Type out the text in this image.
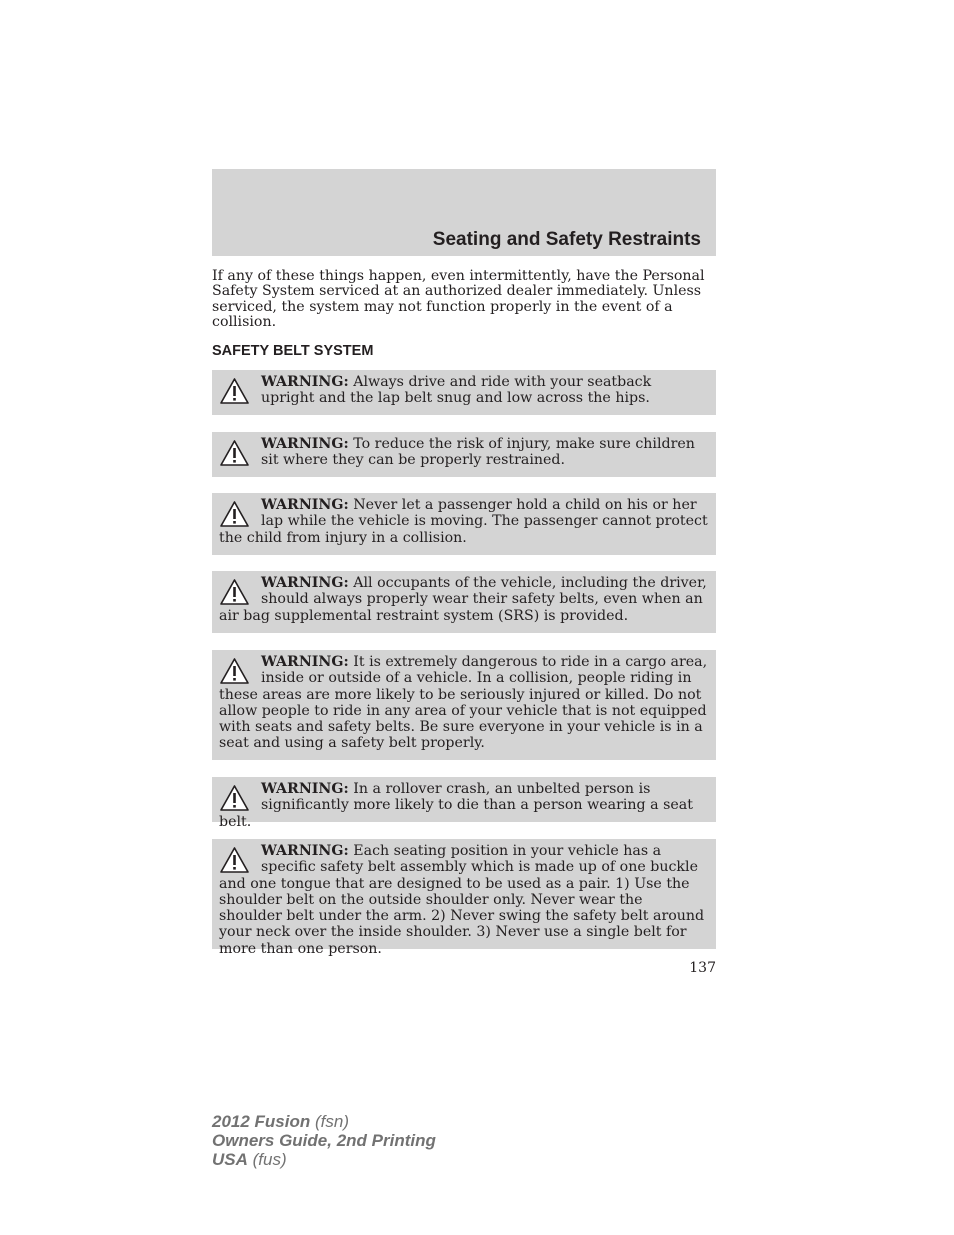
Seating and Safety Restraints
If any of these things happen, even intermittently, have the Personal Safety System serviced at an authorized dealer immediately. Unless serviced, the system may not function properly in the event of a collision.
SAFETY BELT SYSTEM
WARNING: Always drive and ride with your seatback upright and the lap belt snug and low across the hips.
WARNING: To reduce the risk of injury, make sure children sit where they can be properly restrained.
WARNING: Never let a passenger hold a child on his or her lap while the vehicle is moving. The passenger cannot protect the child from injury in a collision.
WARNING: All occupants of the vehicle, including the driver, should always properly wear their safety belts, even when an air bag supplemental restraint system (SRS) is provided.
WARNING: It is extremely dangerous to ride in a cargo area, inside or outside of a vehicle. In a collision, people riding in these areas are more likely to be seriously injured or killed. Do not allow people to ride in any area of your vehicle that is not equipped with seats and safety belts. Be sure everyone in your vehicle is in a seat and using a safety belt properly.
WARNING: In a rollover crash, an unbelted person is significantly more likely to die than a person wearing a seat belt.
WARNING: Each seating position in your vehicle has a specific safety belt assembly which is made up of one buckle and one tongue that are designed to be used as a pair. 1) Use the shoulder belt on the outside shoulder only. Never wear the shoulder belt under the arm. 2) Never swing the safety belt around your neck over the inside shoulder. 3) Never use a single belt for more than one person.
137
2012 Fusion (fsn)
Owners Guide, 2nd Printing
USA (fus)
